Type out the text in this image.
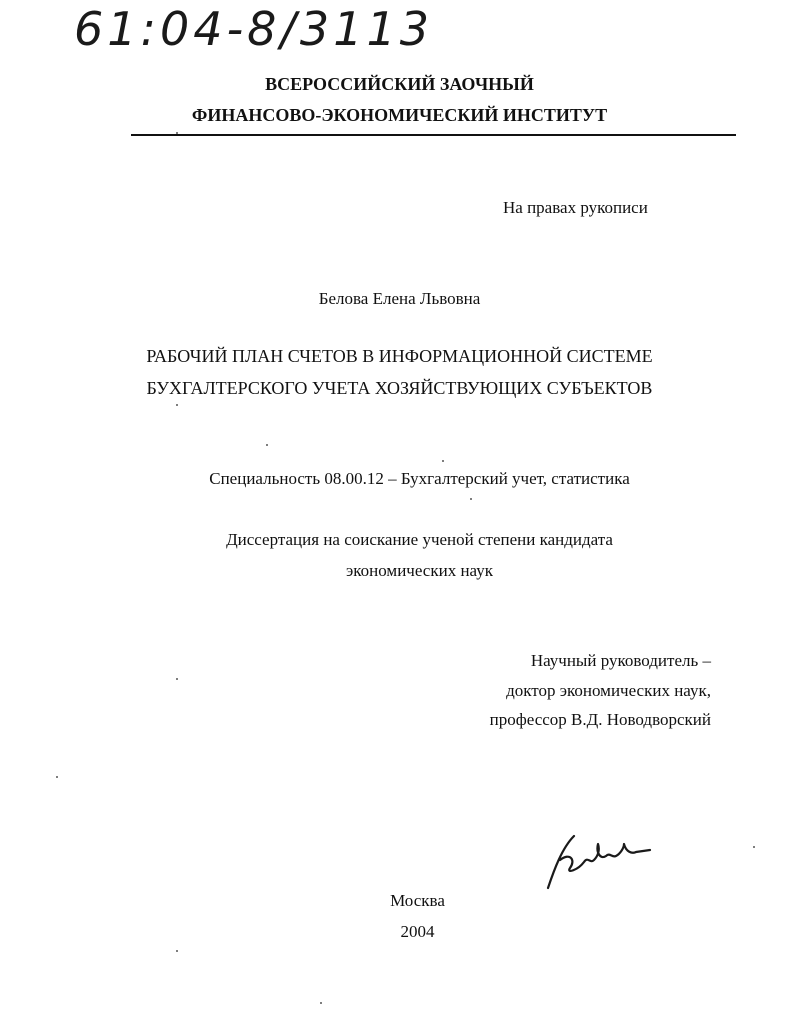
61:04-8/3113
ВСЕРОССИЙСКИЙ ЗАОЧНЫЙ
ФИНАНСОВО-ЭКОНОМИЧЕСКИЙ ИНСТИТУТ
На правах рукописи
Белова Елена Львовна
РАБОЧИЙ ПЛАН СЧЕТОВ В ИНФОРМАЦИОННОЙ СИСТЕМЕ
БУХГАЛТЕРСКОГО УЧЕТА ХОЗЯЙСТВУЮЩИХ СУБЪЕКТОВ
Специальность 08.00.12 – Бухгалтерский учет, статистика
Диссертация на соискание ученой степени кандидата
экономических наук
Научный руководитель –
доктор экономических наук,
профессор В.Д. Новодворский
Москва
2004
